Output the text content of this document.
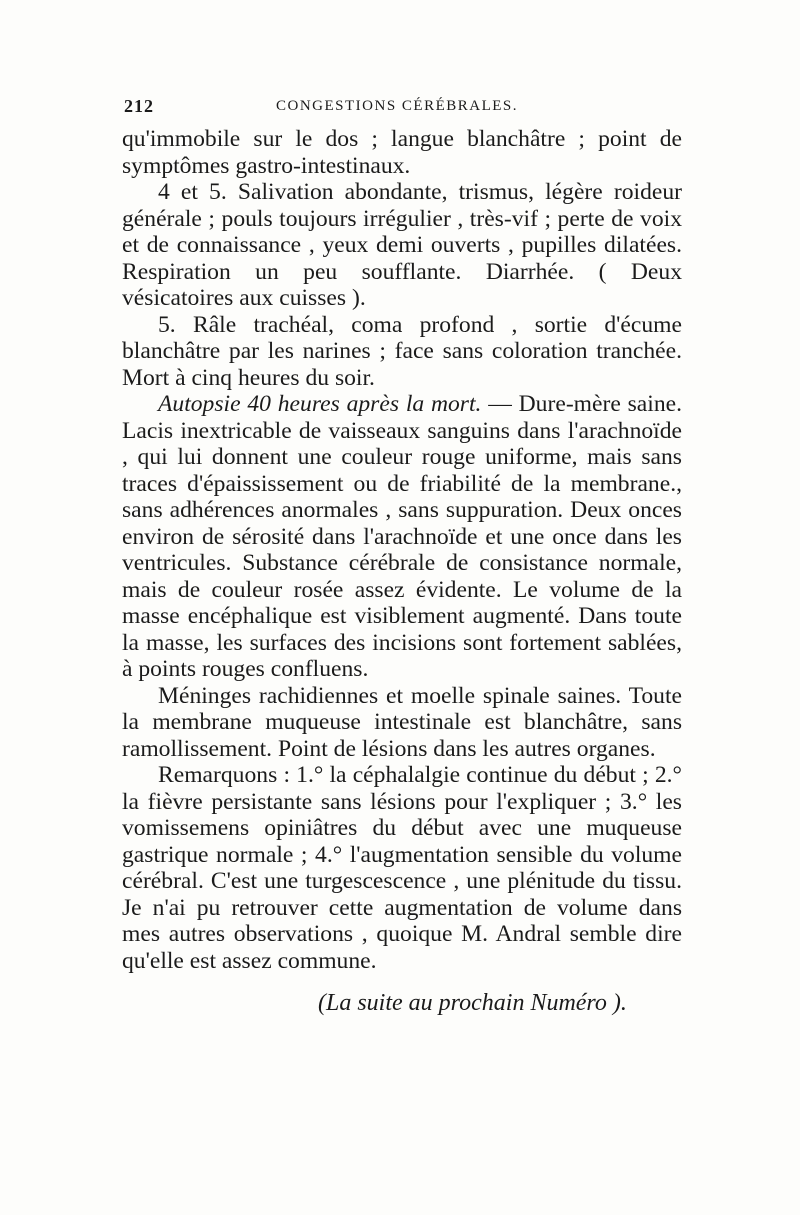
212	CONGESTIONS CÉRÉBRALES.

qu'immobile sur le dos ; langue blanchâtre ; point de symptômes gastro-intestinaux.

4 et 5. Salivation abondante, trismus, légère roideur générale ; pouls toujours irrégulier , très-vif ; perte de voix et de connaissance , yeux demi ouverts , pupilles dilatées. Respiration un peu soufflante. Diarrhée. ( Deux vésicatoires aux cuisses ).

5. Râle trachéal, coma profond , sortie d'écume blanchâtre par les narines ; face sans coloration tranchée. Mort à cinq heures du soir.

Autopsie 40 heures après la mort. — Dure-mère saine. Lacis inextricable de vaisseaux sanguins dans l'arachnoïde , qui lui donnent une couleur rouge uniforme, mais sans traces d'épaississement ou de friabilité de la membrane., sans adhérences anormales , sans suppuration. Deux onces environ de sérosité dans l'arachnoïde et une once dans les ventricules. Substance cérébrale de consistance normale, mais de couleur rosée assez évidente. Le volume de la masse encéphalique est visiblement augmenté. Dans toute la masse, les surfaces des incisions sont fortement sablées, à points rouges confluens.

Méninges rachidiennes et moelle spinale saines. Toute la membrane muqueuse intestinale est blanchâtre, sans ramollissement. Point de lésions dans les autres organes.

Remarquons : 1.° la céphalalgie continue du début ; 2.° la fièvre persistante sans lésions pour l'expliquer ; 3.° les vomissemens opiniâtres du début avec une muqueuse gastrique normale ; 4.° l'augmentation sensible du volume cérébral. C'est une turgescescence , une plénitude du tissu. Je n'ai pu retrouver cette augmentation de volume dans mes autres observations , quoique M. Andral semble dire qu'elle est assez commune.

(La suite au prochain Numéro ).
